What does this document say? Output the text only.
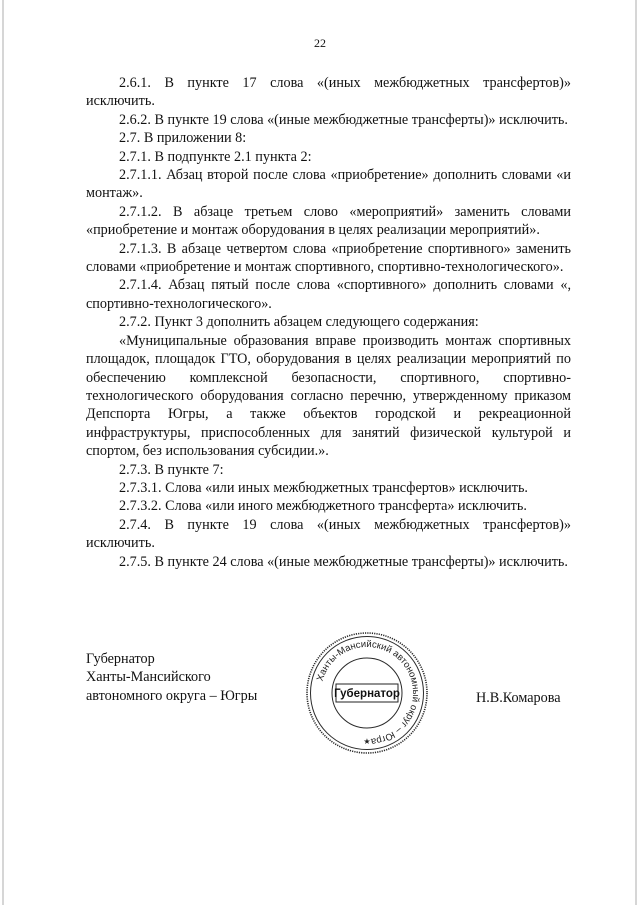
22

2.6.1. В пункте 17 слова «(иных межбюджетных трансфертов)» исключить.

2.6.2. В пункте 19 слова «(иные межбюджетные трансферты)» исключить.

2.7. В приложении 8:

2.7.1. В подпункте 2.1 пункта 2:

2.7.1.1. Абзац второй после слова «приобретение» дополнить словами «и монтаж».

2.7.1.2. В абзаце третьем слово «мероприятий» заменить словами «приобретение и монтаж оборудования в целях реализации мероприятий».

2.7.1.3. В абзаце четвертом слова «приобретение спортивного» заменить словами «приобретение и монтаж спортивного, спортивно-технологического».

2.7.1.4. Абзац пятый после слова «спортивного» дополнить словами «, спортивно-технологического».

2.7.2. Пункт 3 дополнить абзацем следующего содержания:

«Муниципальные образования вправе производить монтаж спортивных площадок, площадок ГТО, оборудования в целях реализации мероприятий по обеспечению комплексной безопасности, спортивного, спортивно-технологического оборудования согласно перечню, утвержденному приказом Депспорта Югры, а также объектов городской и рекреационной инфраструктуры, приспособленных для занятий физической культурой и спортом, без использования субсидии.».

2.7.3. В пункте 7:

2.7.3.1. Слова «или иных межбюджетных трансфертов» исключить.

2.7.3.2. Слова «или иного межбюджетного трансферта» исключить.

2.7.4. В пункте 19 слова «(иных межбюджетных трансфертов)» исключить.

2.7.5. В пункте 24 слова «(иные межбюджетные трансферты)» исключить.

Губернатор
Ханты-Мансийского
автономного округа – Югры
Ханты-Мансийский автономный округ – Югра
Губернатор
★
Н.В.Комарова
